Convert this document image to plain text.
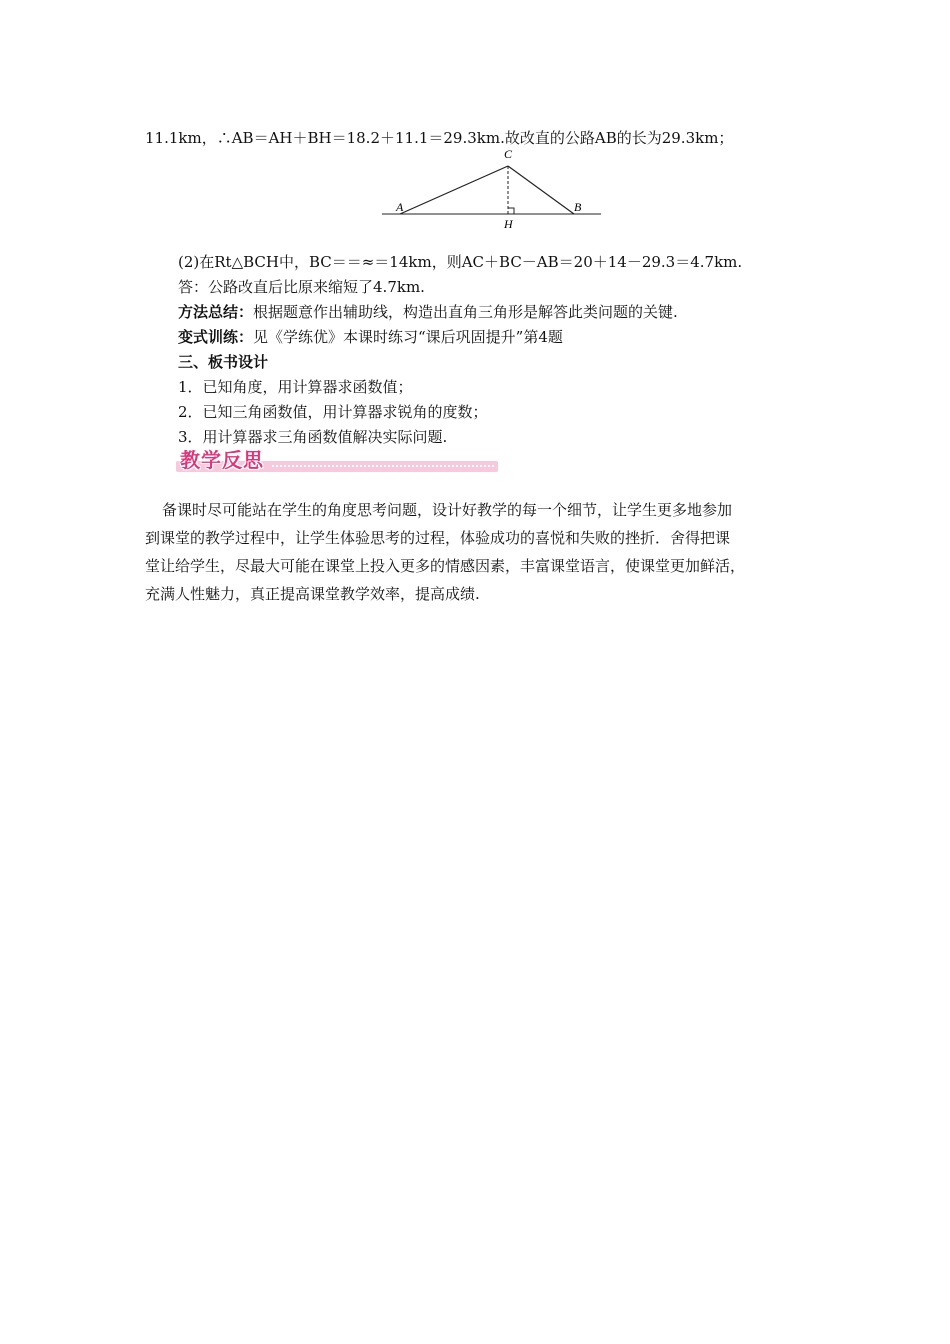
11.1km，∴AB＝AH＋BH＝18.2＋11.1＝29.3km.故改直的公路AB的长为29.3km；
A	B
C
H
(2)在Rt△BCH中，BC＝＝≈＝14km，则AC＋BC－AB＝20＋14－29.3＝4.7km.
答：公路改直后比原来缩短了4.7km.
方法总结：根据题意作出辅助线，构造出直角三角形是解答此类问题的关键.
变式训练：见《学练优》本课时练习“课后巩固提升”第4题
三、板书设计
1．已知角度，用计算器求函数值；
2．已知三角函数值，用计算器求锐角的度数；
3．用计算器求三角函数值解决实际问题.
教学反思
备课时尽可能站在学生的角度思考问题，设计好教学的每一个细节，让学生更多地参加
到课堂的教学过程中，让学生体验思考的过程，体验成功的喜悦和失败的挫折．舍得把课
堂让给学生，尽最大可能在课堂上投入更多的情感因素，丰富课堂语言，使课堂更加鲜活，
充满人性魅力，真正提高课堂教学效率，提高成绩.
